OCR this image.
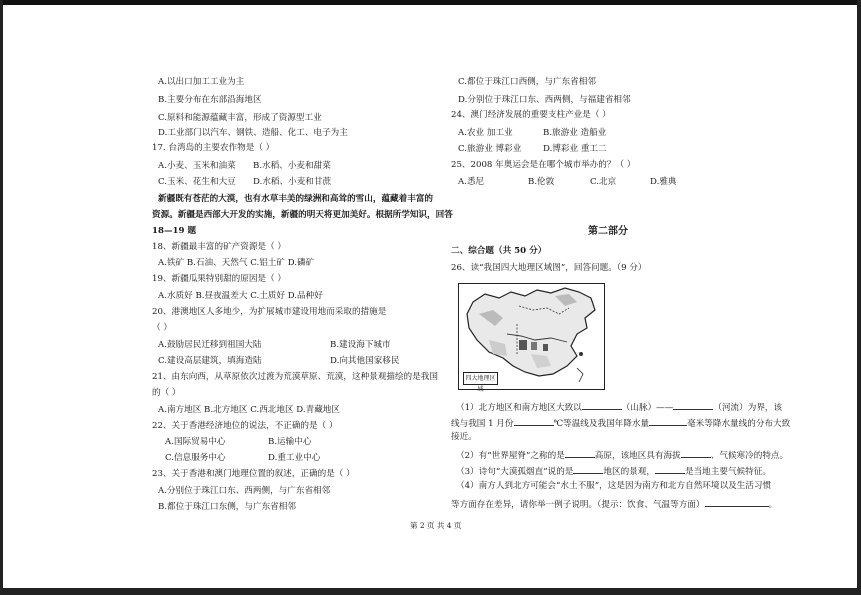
A.以出口加工工业为主
B.主要分布在东部沿海地区
C.原料和能源蕴藏丰富，形成了资源型工业
D.工业部门以汽车、钢铁、造船、化工、电子为主
17. 台湾岛的主要农作物是（ ）
A.小麦、玉米和油菜 B.水稻、小麦和甜菜
C.玉米、花生和大豆 D.水稻、小麦和甘蔗
新疆既有苍茫的大漠，也有水草丰美的绿洲和高耸的雪山，蕴藏着丰富的
资源。新疆是西部大开发的实施，新疆的明天将更加美好。根据所学知识，回答
18—19 题
18、新疆最丰富的矿产资源是（ ）
A.铁矿 B.石油、天然气 C.铝土矿 D.磷矿
19、新疆瓜果特别甜的原因是（ ）
A.水质好 B.昼夜温差大 C.土质好 D.品种好
20、港澳地区人多地少，为扩展城市建设用地而采取的措施是
（ ）
A.鼓励居民迁移到祖国大陆	B.建设海下城市
C.建设高层建筑，填海造陆	D.向其他国家移民
21、由东向西，从草原依次过渡为荒漠草原、荒漠，这种景观描绘的是我国
的（ ）
A.南方地区 B.北方地区 C.西北地区 D.青藏地区
22、关于香港经济地位的说法，不正确的是（ ）
A.国际贸易中心	B.运输中心
C.信息服务中心	D.重工业中心
23、关于香港和澳门地理位置的叙述，正确的是（ ）
A.分别位于珠江口东、西两侧，与广东省相邻
B.都位于珠江口东侧，与广东省相邻
C.都位于珠江口西侧，与广东省相邻
D.分别位于珠江口东、西两侧，与福建省相邻
24、澳门经济发展的重要支柱产业是（ ）
A.农业 加工业	B.旅游业 造船业
C.旅游业 博彩业	D.博彩业 重工二
25、2008 年奥运会是在哪个城市举办的？（ ）
A.悉尼	B.伦敦	C.北京	D.雅典
第二部分
二、综合题（共 50 分）
26、读“我国四大地理区域图”，回答问题。（9 分）
四大地理区域
（1）北方地区和南方地区大致以	（山脉）——	（河流）为界，该
线与我国 1 月份	℃等温线及我国年降水量	毫米等降水量线的分布大致
接近。
（2）有“世界屋脊”之称的是	高原，该地区具有海拔	、气候寒冷的特点。
（3）诗句“大漠孤烟直”说的是	地区的景观，	是当地主要气候特征。
（4）南方人到北方可能会“水土不服”，这是因为南方和北方自然环境以及生活习惯
等方面存在差异，请你举一例子说明。（提示：饮食、气温等方面）	。
第 2 页 共 4 页
